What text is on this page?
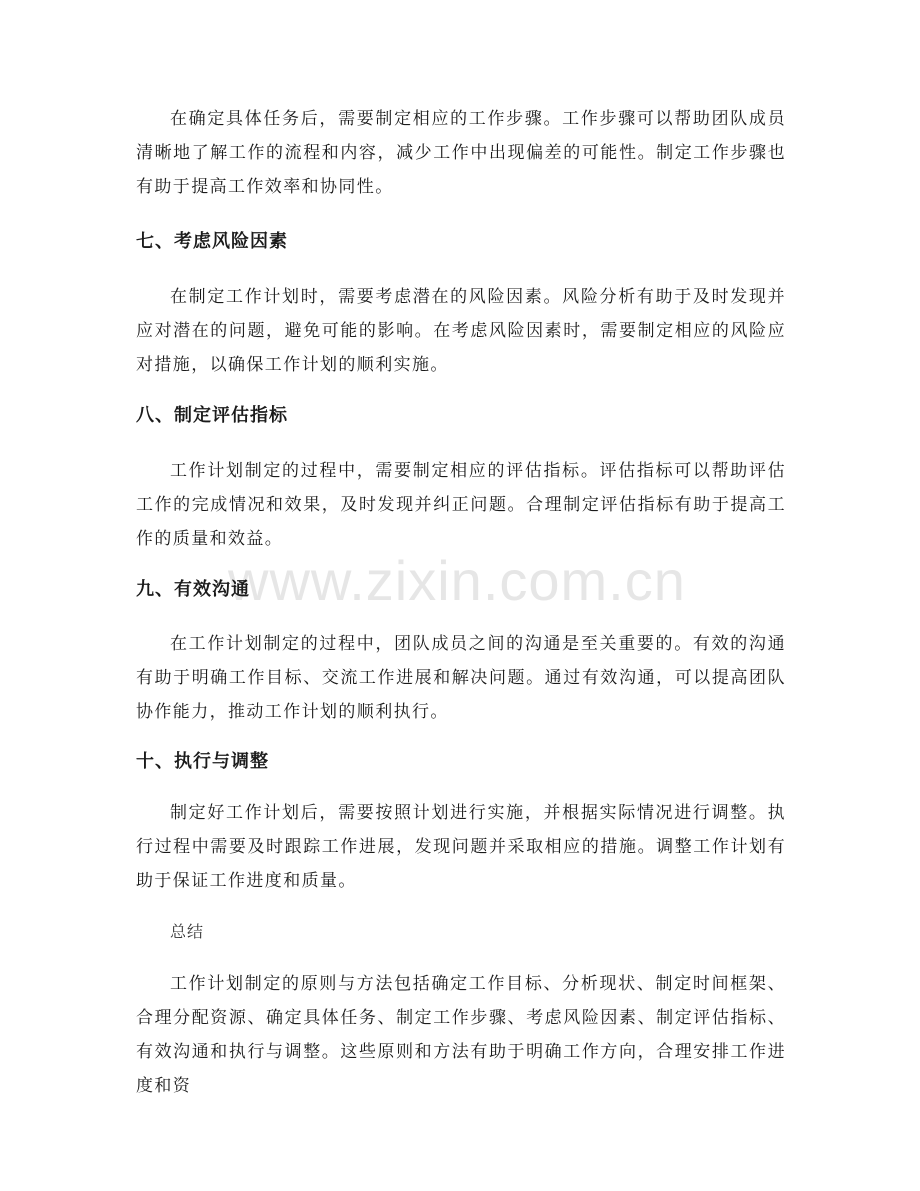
www.zixin.com.cn

在确定具体任务后，需要制定相应的工作步骤。工作步骤可以帮助团队成员清晰地了解工作的流程和内容，减少工作中出现偏差的可能性。制定工作步骤也有助于提高工作效率和协同性。

七、考虑风险因素

在制定工作计划时，需要考虑潜在的风险因素。风险分析有助于及时发现并应对潜在的问题，避免可能的影响。在考虑风险因素时，需要制定相应的风险应对措施，以确保工作计划的顺利实施。

八、制定评估指标

工作计划制定的过程中，需要制定相应的评估指标。评估指标可以帮助评估工作的完成情况和效果，及时发现并纠正问题。合理制定评估指标有助于提高工作的质量和效益。

九、有效沟通

在工作计划制定的过程中，团队成员之间的沟通是至关重要的。有效的沟通有助于明确工作目标、交流工作进展和解决问题。通过有效沟通，可以提高团队协作能力，推动工作计划的顺利执行。

十、执行与调整

制定好工作计划后，需要按照计划进行实施，并根据实际情况进行调整。执行过程中需要及时跟踪工作进展，发现问题并采取相应的措施。调整工作计划有助于保证工作进度和质量。

总结

工作计划制定的原则与方法包括确定工作目标、分析现状、制定时间框架、合理分配资源、确定具体任务、制定工作步骤、考虑风险因素、制定评估指标、有效沟通和执行与调整。这些原则和方法有助于明确工作方向，合理安排工作进度和资
